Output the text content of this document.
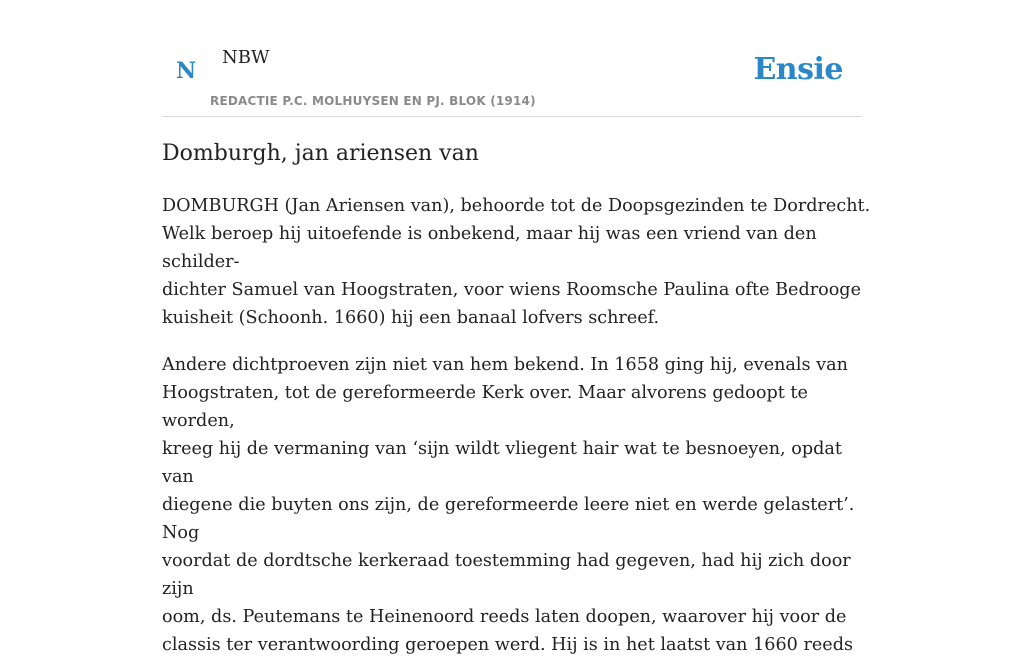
N
NBW
REDACTIE P.C. MOLHUYSEN EN PJ. BLOK (1914)
Ensie
Domburgh, jan ariensen van

DOMBURGH (Jan Ariensen van), behoorde tot de Doopsgezinden te Dordrecht.
Welk beroep hij uitoefende is onbekend, maar hij was een vriend van den schilder-
dichter Samuel van Hoogstraten, voor wiens Roomsche Paulina ofte Bedrooge
kuisheit (Schoonh. 1660) hij een banaal lofvers schreef.

Andere dichtproeven zijn niet van hem bekend. In 1658 ging hij, evenals van
Hoogstraten, tot de gereformeerde Kerk over. Maar alvorens gedoopt te worden,
kreeg hij de vermaning van ‘sijn wildt vliegent hair wat te besnoeyen, opdat van
diegene die buyten ons zijn, de gereformeerde leere niet en werde gelastert’. Nog
voordat de dordtsche kerkeraad toestemming had gegeven, had hij zich door zijn
oom, ds. Peutemans te Heinenoord reeds laten doopen, waarover hij voor de
classis ter verantwoording geroepen werd. Hij is in het laatst van 1660 reeds
